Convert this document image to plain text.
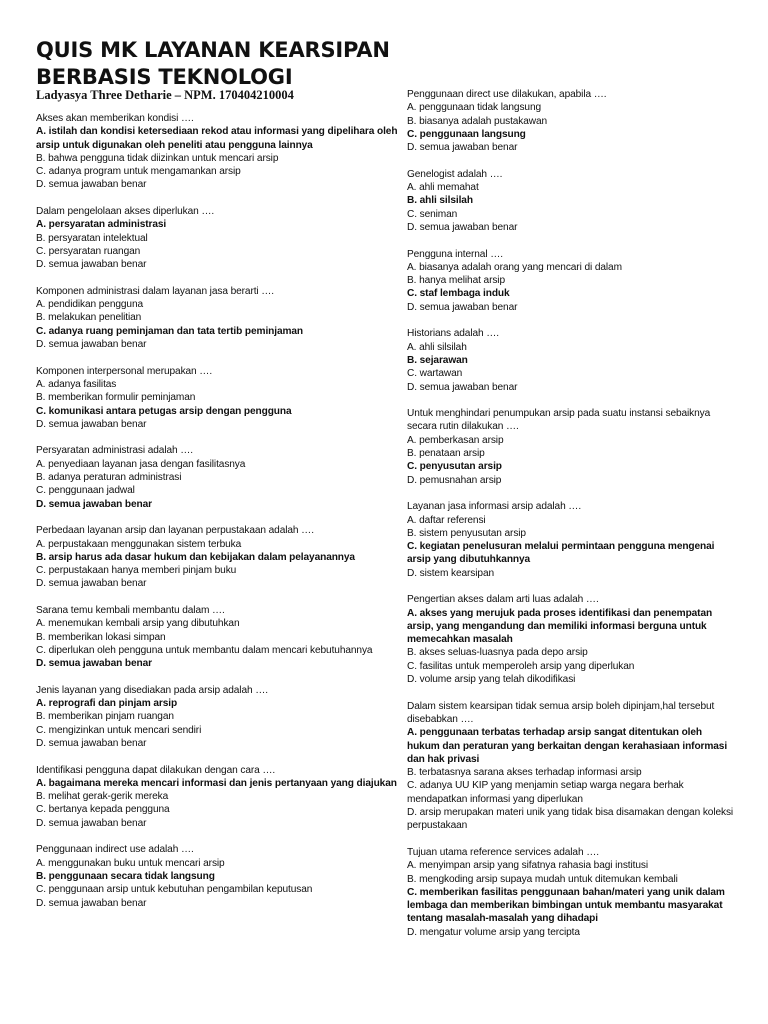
QUIS MK LAYANAN KEARSIPAN
BERBASIS TEKNOLOGI
Ladyasya Three Detharie – NPM. 170404210004
Akses akan memberikan kondisi ….
A. istilah dan kondisi ketersediaan rekod atau informasi yang dipelihara oleh arsip untuk digunakan oleh peneliti atau pengguna lainnya
B. bahwa pengguna tidak diizinkan untuk mencari arsip
C. adanya program untuk mengamankan arsip
D. semua jawaban benar
Dalam pengelolaan akses diperlukan ….
A. persyaratan administrasi
B. persyaratan intelektual
C. persyaratan ruangan
D. semua jawaban benar
Komponen administrasi dalam layanan jasa berarti ….
A. pendidikan pengguna
B. melakukan penelitian
C. adanya ruang peminjaman dan tata tertib peminjaman
D. semua jawaban benar
Komponen interpersonal merupakan ….
A. adanya fasilitas
B. memberikan formulir peminjaman
C. komunikasi antara petugas arsip dengan pengguna
D. semua jawaban benar
Persyaratan administrasi adalah ….
A. penyediaan layanan jasa dengan fasilitasnya
B. adanya peraturan administrasi
C. penggunaan jadwal
D. semua jawaban benar
Perbedaan layanan arsip dan layanan perpustakaan adalah ….
A. perpustakaan menggunakan sistem terbuka
B. arsip harus ada dasar hukum dan kebijakan dalam pelayanannya
C. perpustakaan hanya memberi pinjam buku
D. semua jawaban benar
Sarana temu kembali membantu dalam ….
A. menemukan kembali arsip yang dibutuhkan
B. memberikan lokasi simpan
C. diperlukan oleh pengguna untuk membantu dalam mencari kebutuhannya
D. semua jawaban benar
Jenis layanan yang disediakan pada arsip adalah ….
A. reprografi dan pinjam arsip
B. memberikan pinjam ruangan
C. mengizinkan untuk mencari sendiri
D. semua jawaban benar
Identifikasi pengguna dapat dilakukan dengan cara ….
A. bagaimana mereka mencari informasi dan jenis pertanyaan yang diajukan
B. melihat gerak-gerik mereka
C. bertanya kepada pengguna
D. semua jawaban benar
Penggunaan indirect use adalah ….
A. menggunakan buku untuk mencari arsip
B. penggunaan secara tidak langsung
C. penggunaan arsip untuk kebutuhan pengambilan keputusan
D. semua jawaban benar
Penggunaan direct use dilakukan, apabila ….
A. penggunaan tidak langsung
B. biasanya adalah pustakawan
C. penggunaan langsung
D. semua jawaban benar
Genelogist adalah ….
A. ahli memahat
B. ahli silsilah
C. seniman
D. semua jawaban benar
Pengguna internal ….
A. biasanya adalah orang yang mencari di dalam
B. hanya melihat arsip
C. staf lembaga induk
D. semua jawaban benar
Historians adalah ….
A. ahli silsilah
B. sejarawan
C. wartawan
D. semua jawaban benar
Untuk menghindari penumpukan arsip pada suatu instansi sebaiknya secara rutin dilakukan ….
A. pemberkasan arsip
B. penataan arsip
C. penyusutan arsip
D. pemusnahan arsip
Layanan jasa informasi arsip adalah ….
A. daftar referensi
B. sistem penyusutan arsip
C. kegiatan penelusuran melalui permintaan pengguna mengenai arsip yang dibutuhkannya
D. sistem kearsipan
Pengertian akses dalam arti luas adalah ….
A. akses yang merujuk pada proses identifikasi dan penempatan arsip, yang mengandung dan memiliki informasi berguna untuk memecahkan masalah
B. akses seluas-luasnya pada depo arsip
C. fasilitas untuk memperoleh arsip yang diperlukan
D. volume arsip yang telah dikodifikasi
Dalam sistem kearsipan tidak semua arsip boleh dipinjam,hal tersebut disebabkan ….
A. penggunaan terbatas terhadap arsip sangat ditentukan oleh hukum dan peraturan yang berkaitan dengan kerahasiaan informasi dan hak privasi
B. terbatasnya sarana akses terhadap informasi arsip
C. adanya UU KIP yang menjamin setiap warga negara berhak mendapatkan informasi yang diperlukan
D. arsip merupakan materi unik yang tidak bisa disamakan dengan koleksi perpustakaan
Tujuan utama reference services adalah ….
A. menyimpan arsip yang sifatnya rahasia bagi institusi
B. mengkoding arsip supaya mudah untuk ditemukan kembali
C. memberikan fasilitas penggunaan bahan/materi yang unik dalam lembaga dan memberikan bimbingan untuk membantu masyarakat tentang masalah-masalah yang dihadapi
D. mengatur volume arsip yang tercipta
